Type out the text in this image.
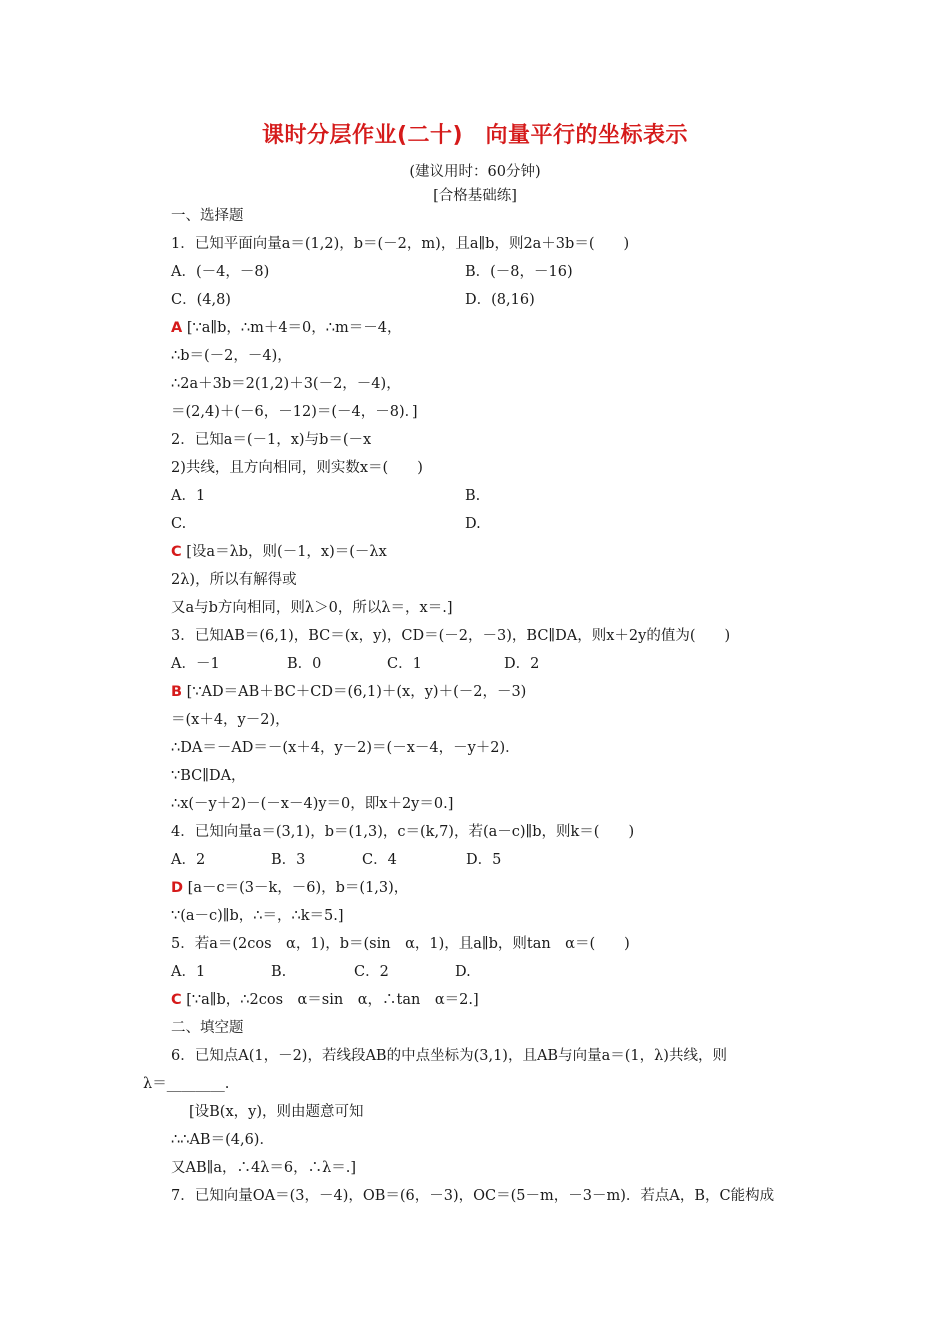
课时分层作业(二十)　向量平行的坐标表示
(建议用时：60分钟)
[合格基础练]
一、选择题
1．已知平面向量a＝(1,2)，b＝(－2，m)，且a∥b，则2a＋3b＝(　　)
A．(－4，－8)	B．(－8，－16)
C．(4,8)	D．(8,16)
A [∵a∥b，∴m＋4＝0，∴m＝－4，
∴b＝(－2，－4)，
∴2a＋3b＝2(1,2)＋3(－2，－4)，
＝(2,4)＋(－6，－12)＝(－4，－8)．]
2．已知a＝(－1，x)与b＝(－x
2)共线，且方向相同，则实数x＝(　　)
A．1	B.
C.	D.
C [设a＝λb，则(－1，x)＝(－λx
2λ)，所以有解得或
又a与b方向相同，则λ＞0，所以λ＝，x＝.]
3．已知AB＝(6,1)，BC＝(x，y)，CD＝(－2，－3)，BC∥DA，则x＋2y的值为(　　)
A．－1	B．0	C．1	D．2
B [∵AD＝AB＋BC＋CD＝(6,1)＋(x，y)＋(－2，－3)
＝(x＋4，y－2)，
∴DA＝－AD＝－(x＋4，y－2)＝(－x－4，－y＋2)．
∵BC∥DA，
∴x(－y＋2)－(－x－4)y＝0，即x＋2y＝0.]
4．已知向量a＝(3,1)，b＝(1,3)，c＝(k,7)，若(a－c)∥b，则k＝(　　)
A．2	B．3	C．4	D．5
D [a－c＝(3－k，－6)，b＝(1,3)，
∵(a－c)∥b，∴＝，∴k＝5.]
5．若a＝(2cos　α，1)，b＝(sin　α，1)，且a∥b，则tan　α＝(　　)
A．1	B.	C．2	D.
C [∵a∥b，∴2cos　α＝sin　α，∴tan　α＝2.]
二、填空题
6．已知点A(1，－2)，若线段AB的中点坐标为(3,1)，且AB与向量a＝(1，λ)共线，则
λ＝________.
[设B(x，y)，则由题意可知
∴∴AB＝(4,6)．
又AB∥a，∴4λ＝6，∴λ＝.]
7．已知向量OA＝(3，－4)，OB＝(6，－3)，OC＝(5－m，－3－m)．若点A，B，C能构成
